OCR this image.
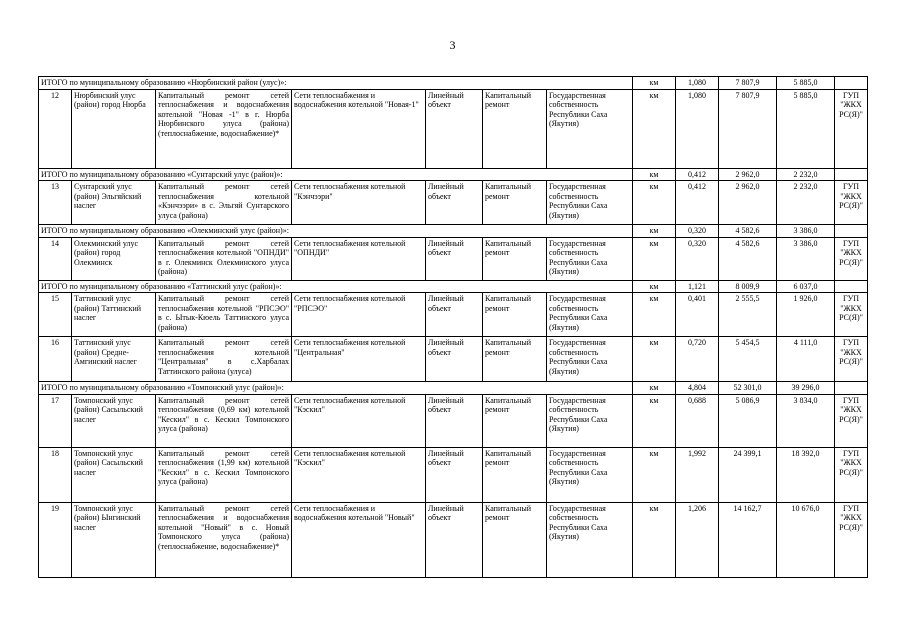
3
ИТОГО по муниципальному образованию «Нюрбинский район (улус)»:							км	1,080	7 807,9	5 885,0	
12	Нюрбинский улус (район) город Нюрба	Капитальный ремонт сетей теплоснабжения и водоснабжения котельной "Новая -1" в г. Нюрба Нюрбинского улуса (района)(теплоснабжение, водоснабжение)*	Сети теплоснабжения и водоснабжения котельной "Новая-1"	Линейный объект	Капитальный ремонт	Государственная собственность Республики Саха (Якутия)	км	1,080	7 807,9	5 885,0	ГУП "ЖКХ РС(Я)"
ИТОГО по муниципальному образованию «Сунтарский улус (район)»:							км	0,412	2 962,0	2 232,0	
13	Сунтарский улус (район) Эльгяйский наслег	Капитальный ремонт сетей теплоснабжения котельной «Кэнчээри» в с. Эльгяй Сунтарского улуса (района)	Сети теплоснабжения котельной "Кэнчээри"	Линейный объект	Капитальный ремонт	Государственная собственность Республики Саха (Якутия)	км	0,412	2 962,0	2 232,0	ГУП "ЖКХ РС(Я)"
ИТОГО по муниципальному образованию «Олекминский улус (район)»:							км	0,320	4 582,6	3 386,0	
14	Олекминский улус (район) город Олекминск	Капитальный ремонт сетей теплоснабжения котельной "ОПНДИ" в г. Олекминск Олекминского улуса (района)	Сети теплоснабжения котельной "ОПНДИ"	Линейный объект	Капитальный ремонт	Государственная собственность Республики Саха (Якутия)	км	0,320	4 582,6	3 386,0	ГУП "ЖКХ РС(Я)"
ИТОГО по муниципальному образованию «Таттинский улус (район)»:							км	1,121	8 009,9	6 037,0	
15	Таттинский улус (район) Таттинский наслег	Капитальный ремонт сетей теплоснабжения котельной "РПСЭО" в с. Ытык-Кюель Таттинского улуса (района)	Сети теплоснабжения котельной "РПСЭО"	Линейный объект	Капитальный ремонт	Государственная собственность Республики Саха (Якутия)	км	0,401	2 555,5	1 926,0	ГУП "ЖКХ РС(Я)"
16	Таттинский улус (район) Средне-Амгинский наслег	Капитальный ремонт сетей теплоснабжения котельной "Центральная" в с.Харбалах Таттинского района (улуса)	Сети теплоснабжения котельной "Центральная"	Линейный объект	Капитальный ремонт	Государственная собственность Республики Саха (Якутия)	км	0,720	5 454,5	4 111,0	ГУП "ЖКХ РС(Я)"
ИТОГО по муниципальному образованию «Томпонский улус (район)»:							км	4,804	52 301,0	39 296,0	
17	Томпонский улус (район) Сасыльский наслег	Капитальный ремонт сетей теплоснабжения (0,69 км) котельной "Кескил" в с. Кескил Томпонского улуса (района)	Сети теплоснабжения котельной "Кэскил"	Линейный объект	Капитальный ремонт	Государственная собственность Республики Саха (Якутия)	км	0,688	5 086,9	3 834,0	ГУП "ЖКХ РС(Я)"
18	Томпонский улус (район) Сасыльский наслег	Капитальный ремонт сетей теплоснабжения (1,99 км) котельной "Кескил" в с. Кескил Томпонского улуса (района)	Сети теплоснабжения котельной "Кэскил"	Линейный объект	Капитальный ремонт	Государственная собственность Республики Саха (Якутия)	км	1,992	24 399,1	18 392,0	ГУП "ЖКХ РС(Я)"
19	Томпонский улус (район) Ынгинский наслег	Капитальный ремонт сетей теплоснабжения и водоснабжения котельной "Новый" в с. Новый Томпонского улуса (района)(теплоснабжение, водоснабжение)*	Сети теплоснабжения и водоснабжения котельной "Новый"	Линейный объект	Капитальный ремонт	Государственная собственность Республики Саха (Якутия)	км	1,206	14 162,7	10 676,0	ГУП "ЖКХ РС(Я)"
